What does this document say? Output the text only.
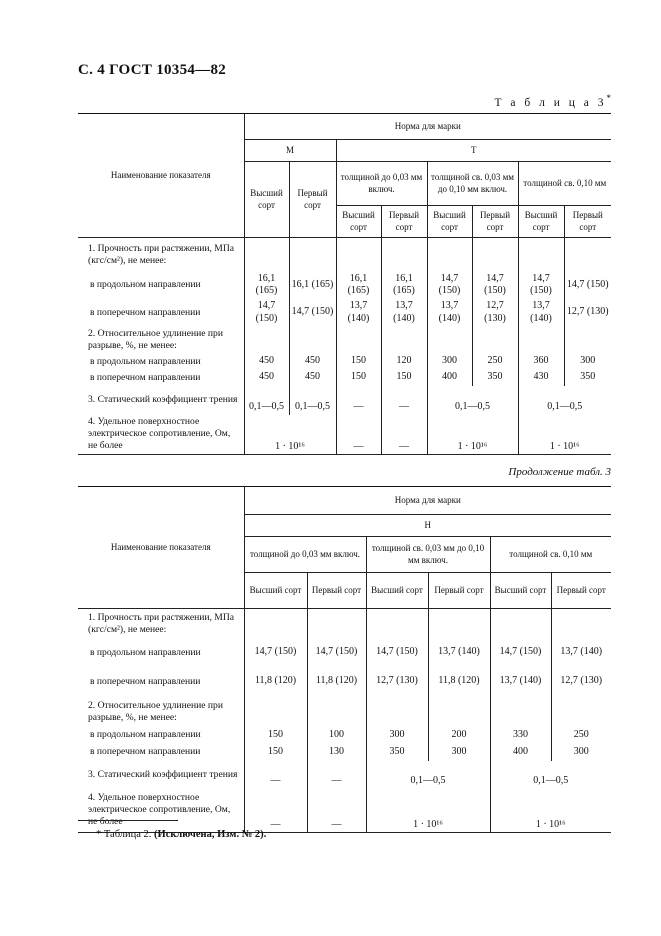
С. 4 ГОСТ 10354—82
Т а б л и ц а 3*
Наименование показателя	Норма для марки							
	М		Т					
	Высший сорт	Первый сорт	толщиной до 0,03 мм включ.		толщиной св. 0,03 мм до 0,10 мм включ.		толщиной св. 0,10 мм	
			Высший сорт	Первый сорт	Высший сорт	Первый сорт	Высший сорт	Первый сорт
1. Прочность при растяжении, МПа (кгс/см²), не менее:								
в продольном направлении	16,1 (165)	16,1 (165)	16,1 (165)	16,1 (165)	14,7 (150)	14,7 (150)	14,7 (150)	14,7 (150)
в поперечном направлении	14,7 (150)	14,7 (150)	13,7 (140)	13,7 (140)	13,7 (140)	12,7 (130)	13,7 (140)	12,7 (130)
2. Относительное удлинение при разрыве, %, не менее:								
в продольном направлении	450	450	150	120	300	250	360	300
в поперечном направлении	450	450	150	150	400	350	430	350
3. Статический коэффициент трения	0,1—0,5	0,1—0,5	—	—	0,1—0,5		0,1—0,5	
4. Удельное поверхностное электрическое сопротивление, Ом, не более	1 · 10¹⁶		—	—	1 · 10¹⁶		1 · 10¹⁶	
Продолжение табл. 3
Наименование показателя	Норма для марки					
	Н					
	толщиной до 0,03 мм включ.		толщиной св. 0,03 мм до 0,10 мм включ.		толщиной св. 0,10 мм	
	Высший сорт	Первый сорт	Высший сорт	Первый сорт	Высший сорт	Первый сорт
1. Прочность при растяжении, МПа (кгс/см²), не менее:						
в продольном направлении	14,7 (150)	14,7 (150)	14,7 (150)	13,7 (140)	14,7 (150)	13,7 (140)
в поперечном направлении	11,8 (120)	11,8 (120)	12,7 (130)	11,8 (120)	13,7 (140)	12,7 (130)
2. Относительное удлинение при разрыве, %, не менее:						
в продольном направлении	150	100	300	200	330	250
в поперечном направлении	150	130	350	300	400	300
3. Статический коэффициент трения	—	—	0,1—0,5		0,1—0,5	
4. Удельное поверхностное электрическое сопротивление, Ом, не более	—	—	1 · 10¹⁶		1 · 10¹⁶	
* Таблица 2. (Исключена, Изм. № 2).
